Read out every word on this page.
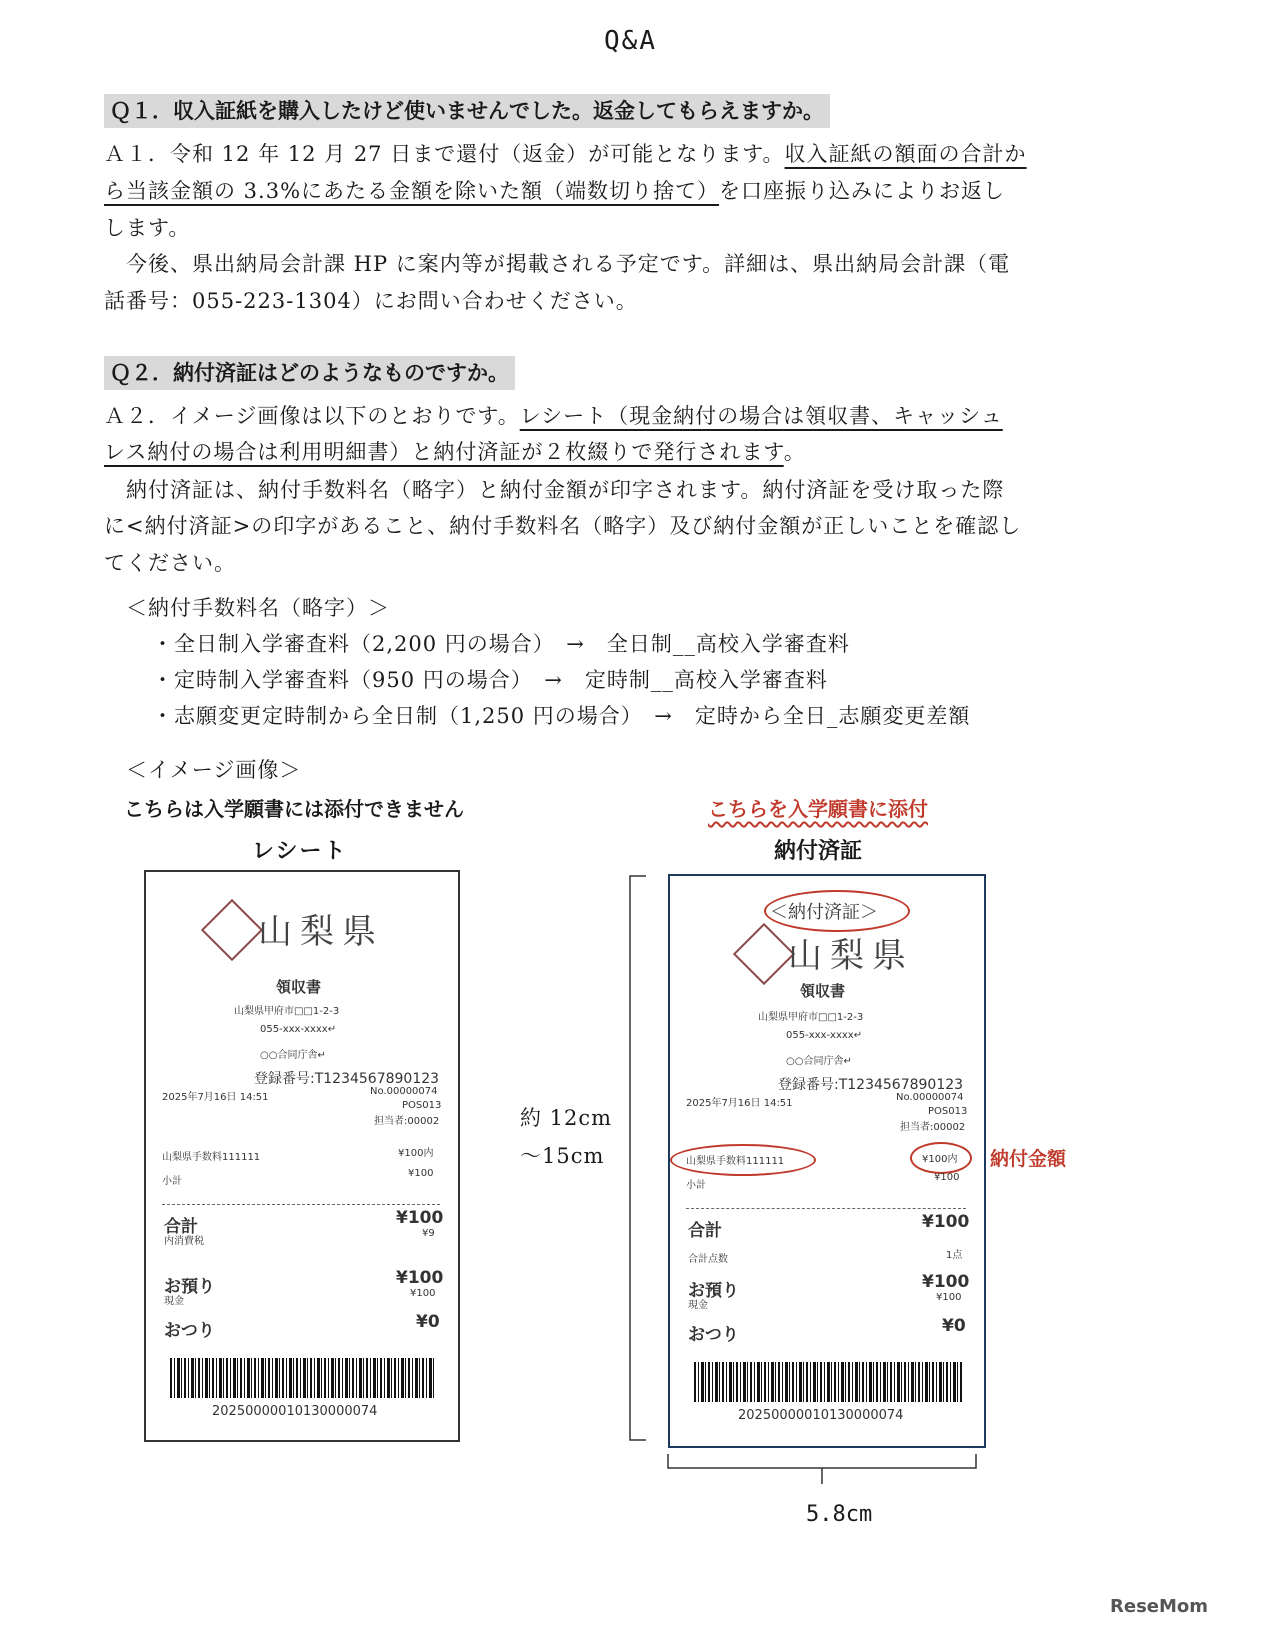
Q&A
Ｑ１．収入証紙を購入したけど使いませんでした。返金してもらえますか。
Ａ１．令和 12 年 12 月 27 日まで還付（返金）が可能となります。収入証紙の額面の合計か
ら当該金額の 3.3%にあたる金額を除いた額（端数切り捨て）を口座振り込みによりお返し
します。
　今後、県出納局会計課 HP に案内等が掲載される予定です。詳細は、県出納局会計課（電
話番号：055-223-1304）にお問い合わせください。
Ｑ２．納付済証はどのようなものですか。
Ａ２．イメージ画像は以下のとおりです。レシート（現金納付の場合は領収書、キャッシュ
レス納付の場合は利用明細書）と納付済証が２枚綴りで発行されます。
　納付済証は、納付手数料名（略字）と納付金額が印字されます。納付済証を受け取った際
に<納付済証>の印字があること、納付手数料名（略字）及び納付金額が正しいことを確認し
てください。
＜納付手数料名（略字）＞
・全日制入学審査料（2,200 円の場合）　→　全日制__高校入学審査料
・定時制入学審査料（950 円の場合）　→　定時制__高校入学審査料
・志願変更定時制から全日制（1,250 円の場合）　→　定時から全日_志願変更差額
＜イメージ画像＞
こちらは入学願書には添付できません	こちらを入学願書に添付
レシート	納付済証
山梨県
領収書
山梨県甲府市□□1-2-3
055-xxx-xxxx↵
○○合同庁舎↵
登録番号:T1234567890123
2025年7月16日 14:51
No.00000074
POS013
担当者:00002
山梨県手数料111111	¥100内
小計
¥100
合計	¥100
内消費税
¥9
お預り	¥100
現金
¥100
おつり	¥0
20250000010130000074
約 12cm
～15cm
＜納付済証＞
山梨県
領収書
山梨県甲府市□□1-2-3
055-xxx-xxxx↵
○○合同庁舎↵
登録番号:T1234567890123
2025年7月16日 14:51
No.00000074
POS013
担当者:00002
山梨県手数料111111	¥100内
小計
¥100
合計	¥100
合計点数	1点
お預り	¥100
現金
¥100
おつり	¥0
20250000010130000074
納付金額
5.8cm
ReseMom
